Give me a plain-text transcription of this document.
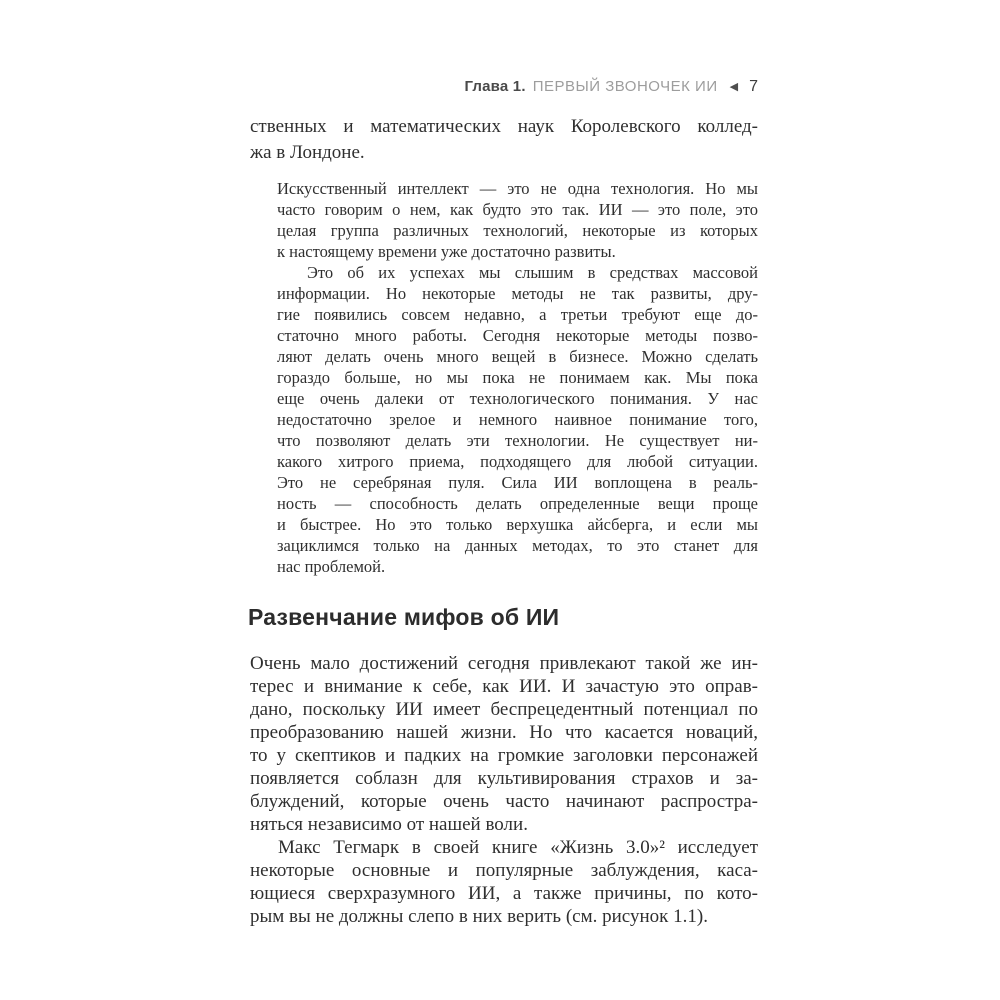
Глава 1. ПЕРВЫЙ ЗВОНОЧЕК ИИ ◀ 7
ственных и математических наук Королевского коллед-
жа в Лондоне.
Искусственный интеллект — это не одна технология. Но мы
часто говорим о нем, как будто это так. ИИ — это поле, это
целая группа различных технологий, некоторые из которых
к настоящему времени уже достаточно развиты.
Это об их успехах мы слышим в средствах массовой
информации. Но некоторые методы не так развиты, дру-
гие появились совсем недавно, а третьи требуют еще до-
статочно много работы. Сегодня некоторые методы позво-
ляют делать очень много вещей в бизнесе. Можно сделать
гораздо больше, но мы пока не понимаем как. Мы пока
еще очень далеки от технологического понимания. У нас
недостаточно зрелое и немного наивное понимание того,
что позволяют делать эти технологии. Не существует ни-
какого хитрого приема, подходящего для любой ситуации.
Это не серебряная пуля. Сила ИИ воплощена в реаль-
ность — способность делать определенные вещи проще
и быстрее. Но это только верхушка айсберга, и если мы
зациклимся только на данных методах, то это станет для
нас проблемой.
Развенчание мифов об ИИ
Очень мало достижений сегодня привлекают такой же ин-
терес и внимание к себе, как ИИ. И зачастую это оправ-
дано, поскольку ИИ имеет беспрецедентный потенциал по
преобразованию нашей жизни. Но что касается новаций,
то у скептиков и падких на громкие заголовки персонажей
появляется соблазн для культивирования страхов и за-
блуждений, которые очень часто начинают распростра-
няться независимо от нашей воли.
Макс Тегмарк в своей книге «Жизнь 3.0»² исследует
некоторые основные и популярные заблуждения, каса-
ющиеся сверхразумного ИИ, а также причины, по кото-
рым вы не должны слепо в них верить (см. рисунок 1.1).
